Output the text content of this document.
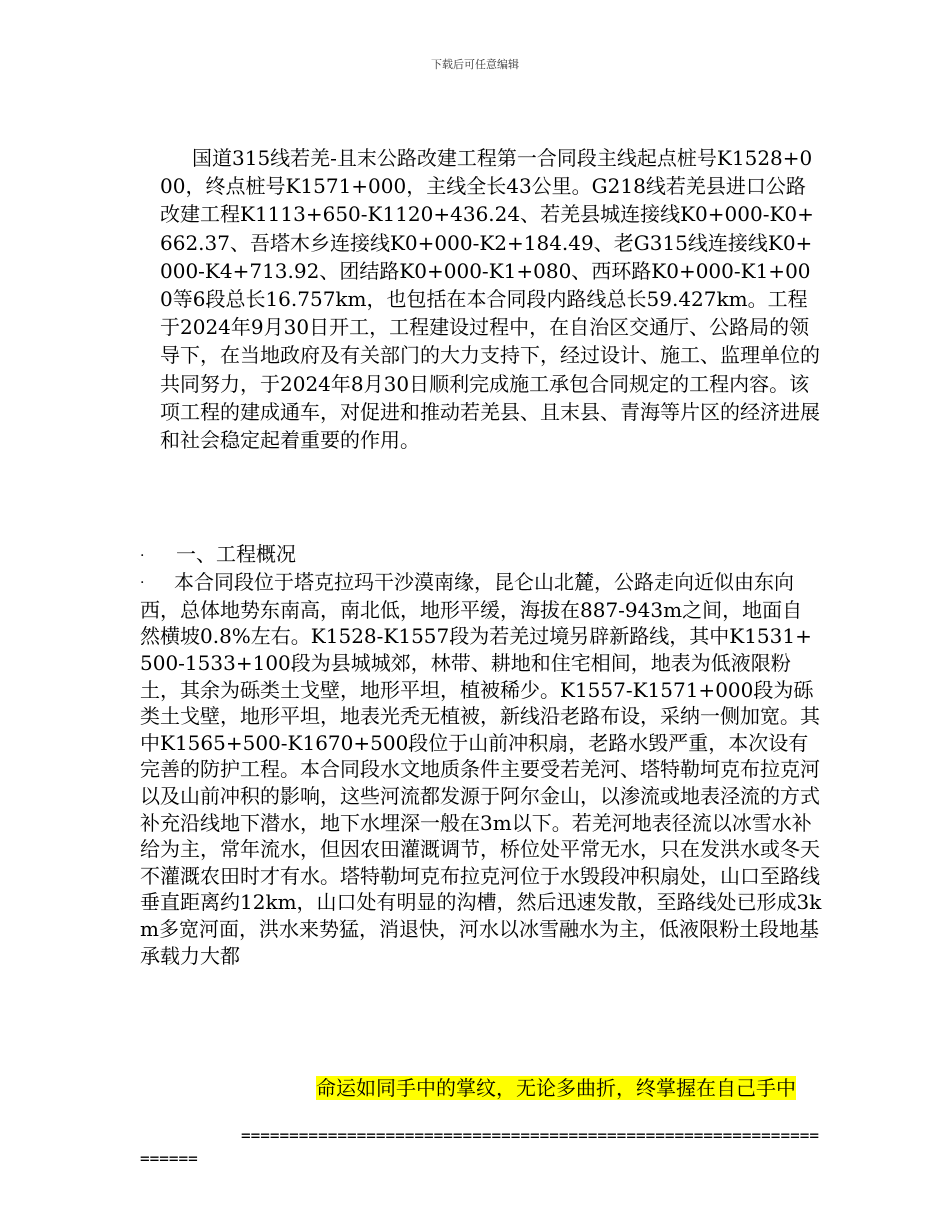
下载后可任意编辑

国道315线若羌-且末公路改建工程第一合同段主线起点桩号K1528+000，终点桩号K1571+000，主线全长43公里。G218线若羌县进口公路改建工程K1113+650-K1120+436.24、若羌县城连接线K0+000-K0+662.37、吾塔木乡连接线K0+000-K2+184.49、老G315线连接线K0+000-K4+713.92、团结路K0+000-K1+080、西环路K0+000-K1+000等6段总长16.757km，也包括在本合同段内路线总长59.427km。工程于2024年9月30日开工，工程建设过程中，在自治区交通厅、公路局的领导下，在当地政府及有关部门的大力支持下，经过设计、施工、监理单位的共同努力，于2024年8月30日顺利完成施工承包合同规定的工程内容。该项工程的建成通车，对促进和推动若羌县、且末县、青海等片区的经济进展和社会稳定起着重要的作用。

· 一、工程概况

· 本合同段位于塔克拉玛干沙漠南缘，昆仑山北麓，公路走向近似由东向西，总体地势东南高，南北低，地形平缓，海拔在887-943m之间，地面自然横坡0.8%左右。K1528-K1557段为若羌过境另辟新路线，其中K1531+500-1533+100段为县城城郊，林带、耕地和住宅相间，地表为低液限粉土，其余为砾类土戈壁，地形平坦，植被稀少。K1557-K1571+000段为砾类土戈壁，地形平坦，地表光秃无植被，新线沿老路布设，采纳一侧加宽。其中K1565+500-K1670+500段位于山前冲积扇，老路水毁严重，本次设有完善的防护工程。本合同段水文地质条件主要受若羌河、塔特勒坷克布拉克河以及山前冲积的影响，这些河流都发源于阿尔金山，以渗流或地表泾流的方式补充沿线地下潜水，地下水埋深一般在3m以下。若羌河地表径流以冰雪水补给为主，常年流水，但因农田灌溉调节，桥位处平常无水，只在发洪水或冬天不灌溉农田时才有水。塔特勒坷克布拉克河位于水毁段冲积扇处，山口至路线垂直距离约12km，山口处有明显的沟槽，然后迅速发散，至路线处已形成3km多宽河面，洪水来势猛，消退快，河水以冰雪融水为主，低液限粉土段地基承载力大都

命运如同手中的掌纹，无论多曲折，终掌握在自己手中

==================================================================
